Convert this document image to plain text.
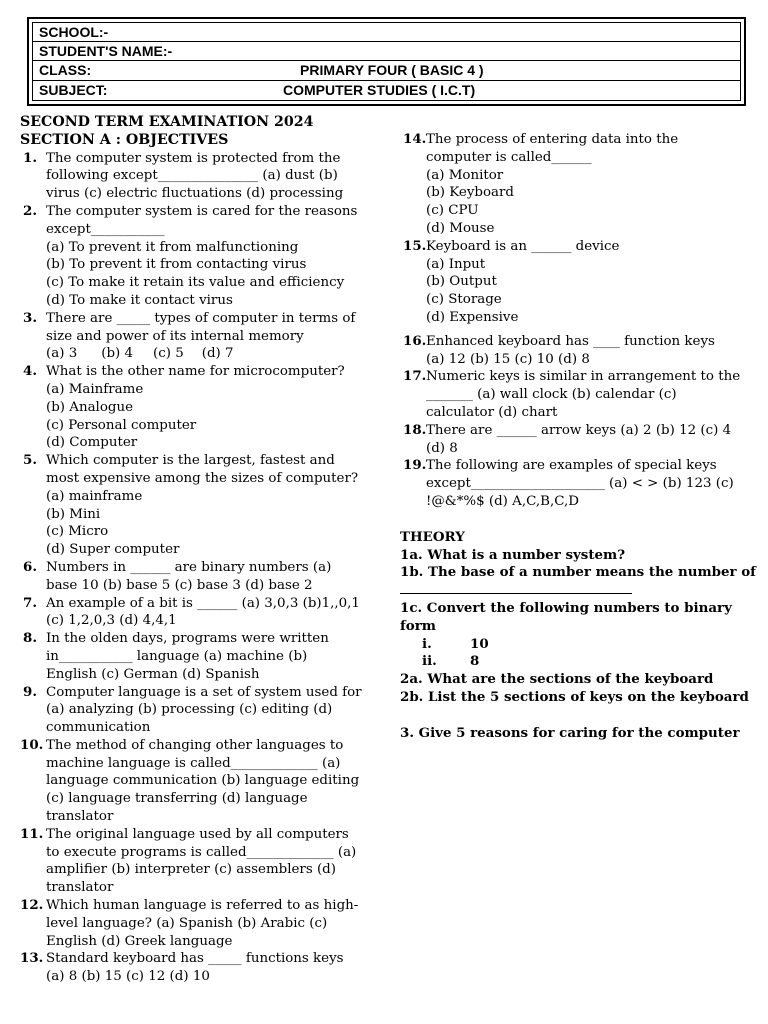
SCHOOL:-
STUDENT'S NAME:-
CLASS:	PRIMARY FOUR ( BASIC 4 )
SUBJECT:	COMPUTER STUDIES ( I.C.T)
SECOND TERM EXAMINATION 2024
SECTION A : OBJECTIVES
1. The computer system is protected from the
following except_______________ (a) dust (b)
virus (c) electric fluctuations (d) processing
2. The computer system is cared for the reasons
except___________
(a) To prevent it from malfunctioning
(b) To prevent it from contacting virus
(c) To make it retain its value and efficiency
(d) To make it contact virus
3. There are _____ types of computer in terms of
size and power of its internal memory
(a) 3 (b) 4 (c) 5 (d) 7
4. What is the other name for microcomputer?
(a) Mainframe
(b) Analogue
(c) Personal computer
(d) Computer
5. Which computer is the largest, fastest and
most expensive among the sizes of computer?
(a) mainframe
(b) Mini
(c) Micro
(d) Super computer
6. Numbers in ______ are binary numbers (a)
base 10 (b) base 5 (c) base 3 (d) base 2
7. An example of a bit is ______ (a) 3,0,3 (b)1,,0,1
(c) 1,2,0,3 (d) 4,4,1
8. In the olden days, programs were written
in___________ language (a) machine (b)
English (c) German (d) Spanish
9. Computer language is a set of system used for
(a) analyzing (b) processing (c) editing (d)
communication
10. The method of changing other languages to
machine language is called_____________ (a)
language communication (b) language editing
(c) language transferring (d) language
translator
11. The original language used by all computers
to execute programs is called_____________ (a)
amplifier (b) interpreter (c) assemblers (d)
translator
12. Which human language is referred to as high-
level language? (a) Spanish (b) Arabic (c)
English (d) Greek language
13. Standard keyboard has _____ functions keys
(a) 8 (b) 15 (c) 12 (d) 10
14. The process of entering data into the
computer is called______
(a) Monitor
(b) Keyboard
(c) CPU
(d) Mouse
15. Keyboard is an ______ device
(a) Input
(b) Output
(c) Storage
(d) Expensive
16. Enhanced keyboard has ____ function keys
(a) 12 (b) 15 (c) 10 (d) 8
17. Numeric keys is similar in arrangement to the
_______ (a) wall clock (b) calendar (c)
calculator (d) chart
18. There are ______ arrow keys (a) 2 (b) 12 (c) 4
(d) 8
19. The following are examples of special keys
except____________________ (a) < > (b) 123 (c)
!@&*%$ (d) A,C,B,C,D
THEORY
1a. What is a number system?
1b. The base of a number means the number of
1c. Convert the following numbers to binary
form
i.	10
ii. 8
2a. What are the sections of the keyboard
2b. List the 5 sections of keys on the keyboard
3. Give 5 reasons for caring for the computer
